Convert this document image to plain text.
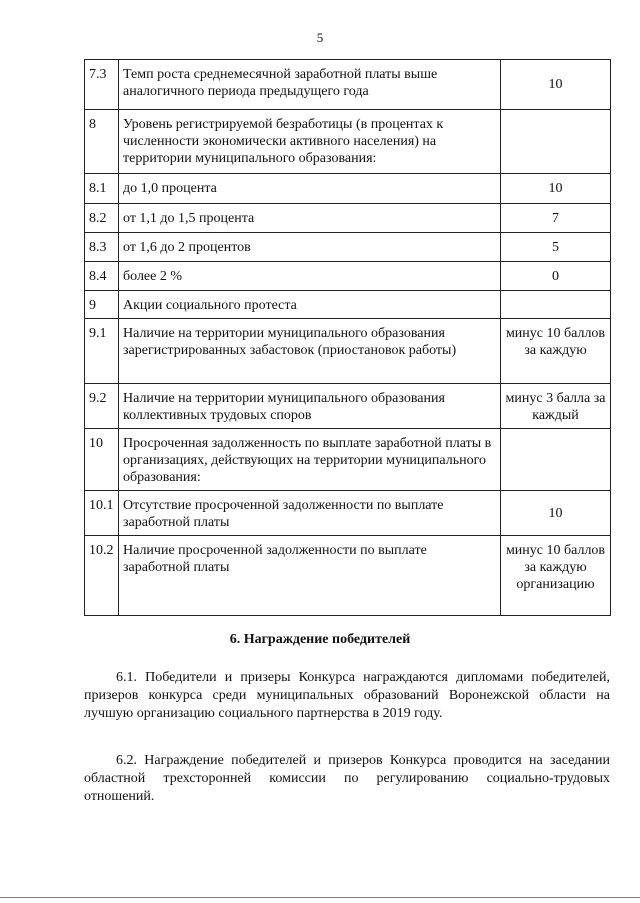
5
7.3	Темп роста среднемесячной заработной платы выше аналогичного периода предыдущего года	10
8	Уровень регистрируемой безработицы (в процентах к численности экономически активного населения) на территории муниципального образования:	
8.1	до 1,0 процента	10
8.2	от 1,1 до 1,5 процента	7
8.3	от 1,6 до 2 процентов	5
8.4	более 2 %	0
9	Акции социального протеста	
9.1	Наличие на территории муниципального образования зарегистрированных забастовок (приостановок работы)	минус 10 баллов за каждую
9.2	Наличие на территории муниципального образования коллективных трудовых споров	минус 3 балла за каждый
10	Просроченная задолженность по выплате заработной платы в организациях, действующих на территории муниципального образования:	
10.1	Отсутствие просроченной задолженности по выплате заработной платы	10
10.2	Наличие просроченной задолженности по выплате заработной платы	минус 10 баллов за каждую организацию
6. Награждение победителей

6.1. Победители и призеры Конкурса награждаются дипломами победителей, призеров конкурса среди муниципальных образований Воронежской области на лучшую организацию социального партнерства в 2019 году.

6.2. Награждение победителей и призеров Конкурса проводится на заседании областной трехсторонней комиссии по регулированию социально-трудовых отношений.
